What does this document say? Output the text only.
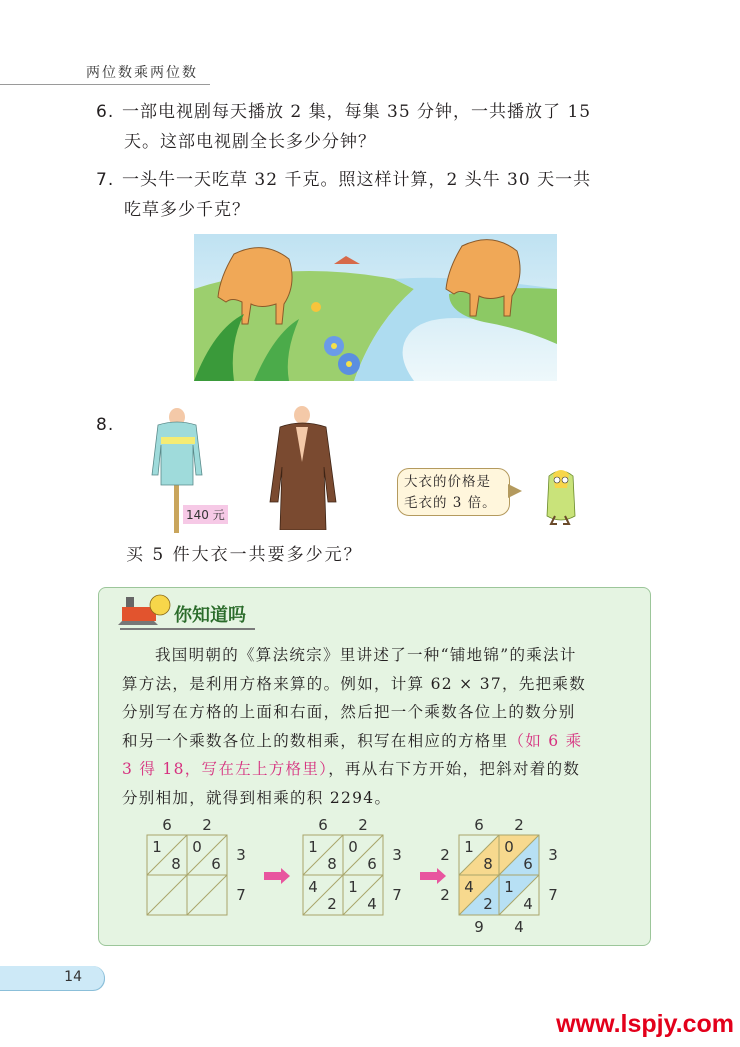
两位数乘两位数
6. 一部电视剧每天播放 2 集，每集 35 分钟，一共播放了 15
天。这部电视剧全长多少分钟？
7. 一头牛一天吃草 32 千克。照这样计算，2 头牛 30 天一共
吃草多少千克？
8.
140 元
大衣的价格是
毛衣的 3 倍。
买 5 件大衣一共要多少元？
你知道吗
我国明朝的《算法统宗》里讲述了一种“铺地锦”的乘法计
算方法，是利用方格来算的。例如，计算 62 × 37，先把乘数
分别写在方格的上面和右面，然后把一个乘数各位上的数分别
和另一个乘数各位上的数相乘，积写在相应的方格里（如 6 乘
3 得 18，写在左上方格里），再从右下方开始，把斜对着的数
分别相加，就得到相乘的积 2294。
1
8
0
6
6 2
3
7
1
8
0
6
4
2
1
4
6 2
3
7
1
8
0
6
4
2
1
4
6 2
3
7
2
2
9 4
14
www.lspjy.com
